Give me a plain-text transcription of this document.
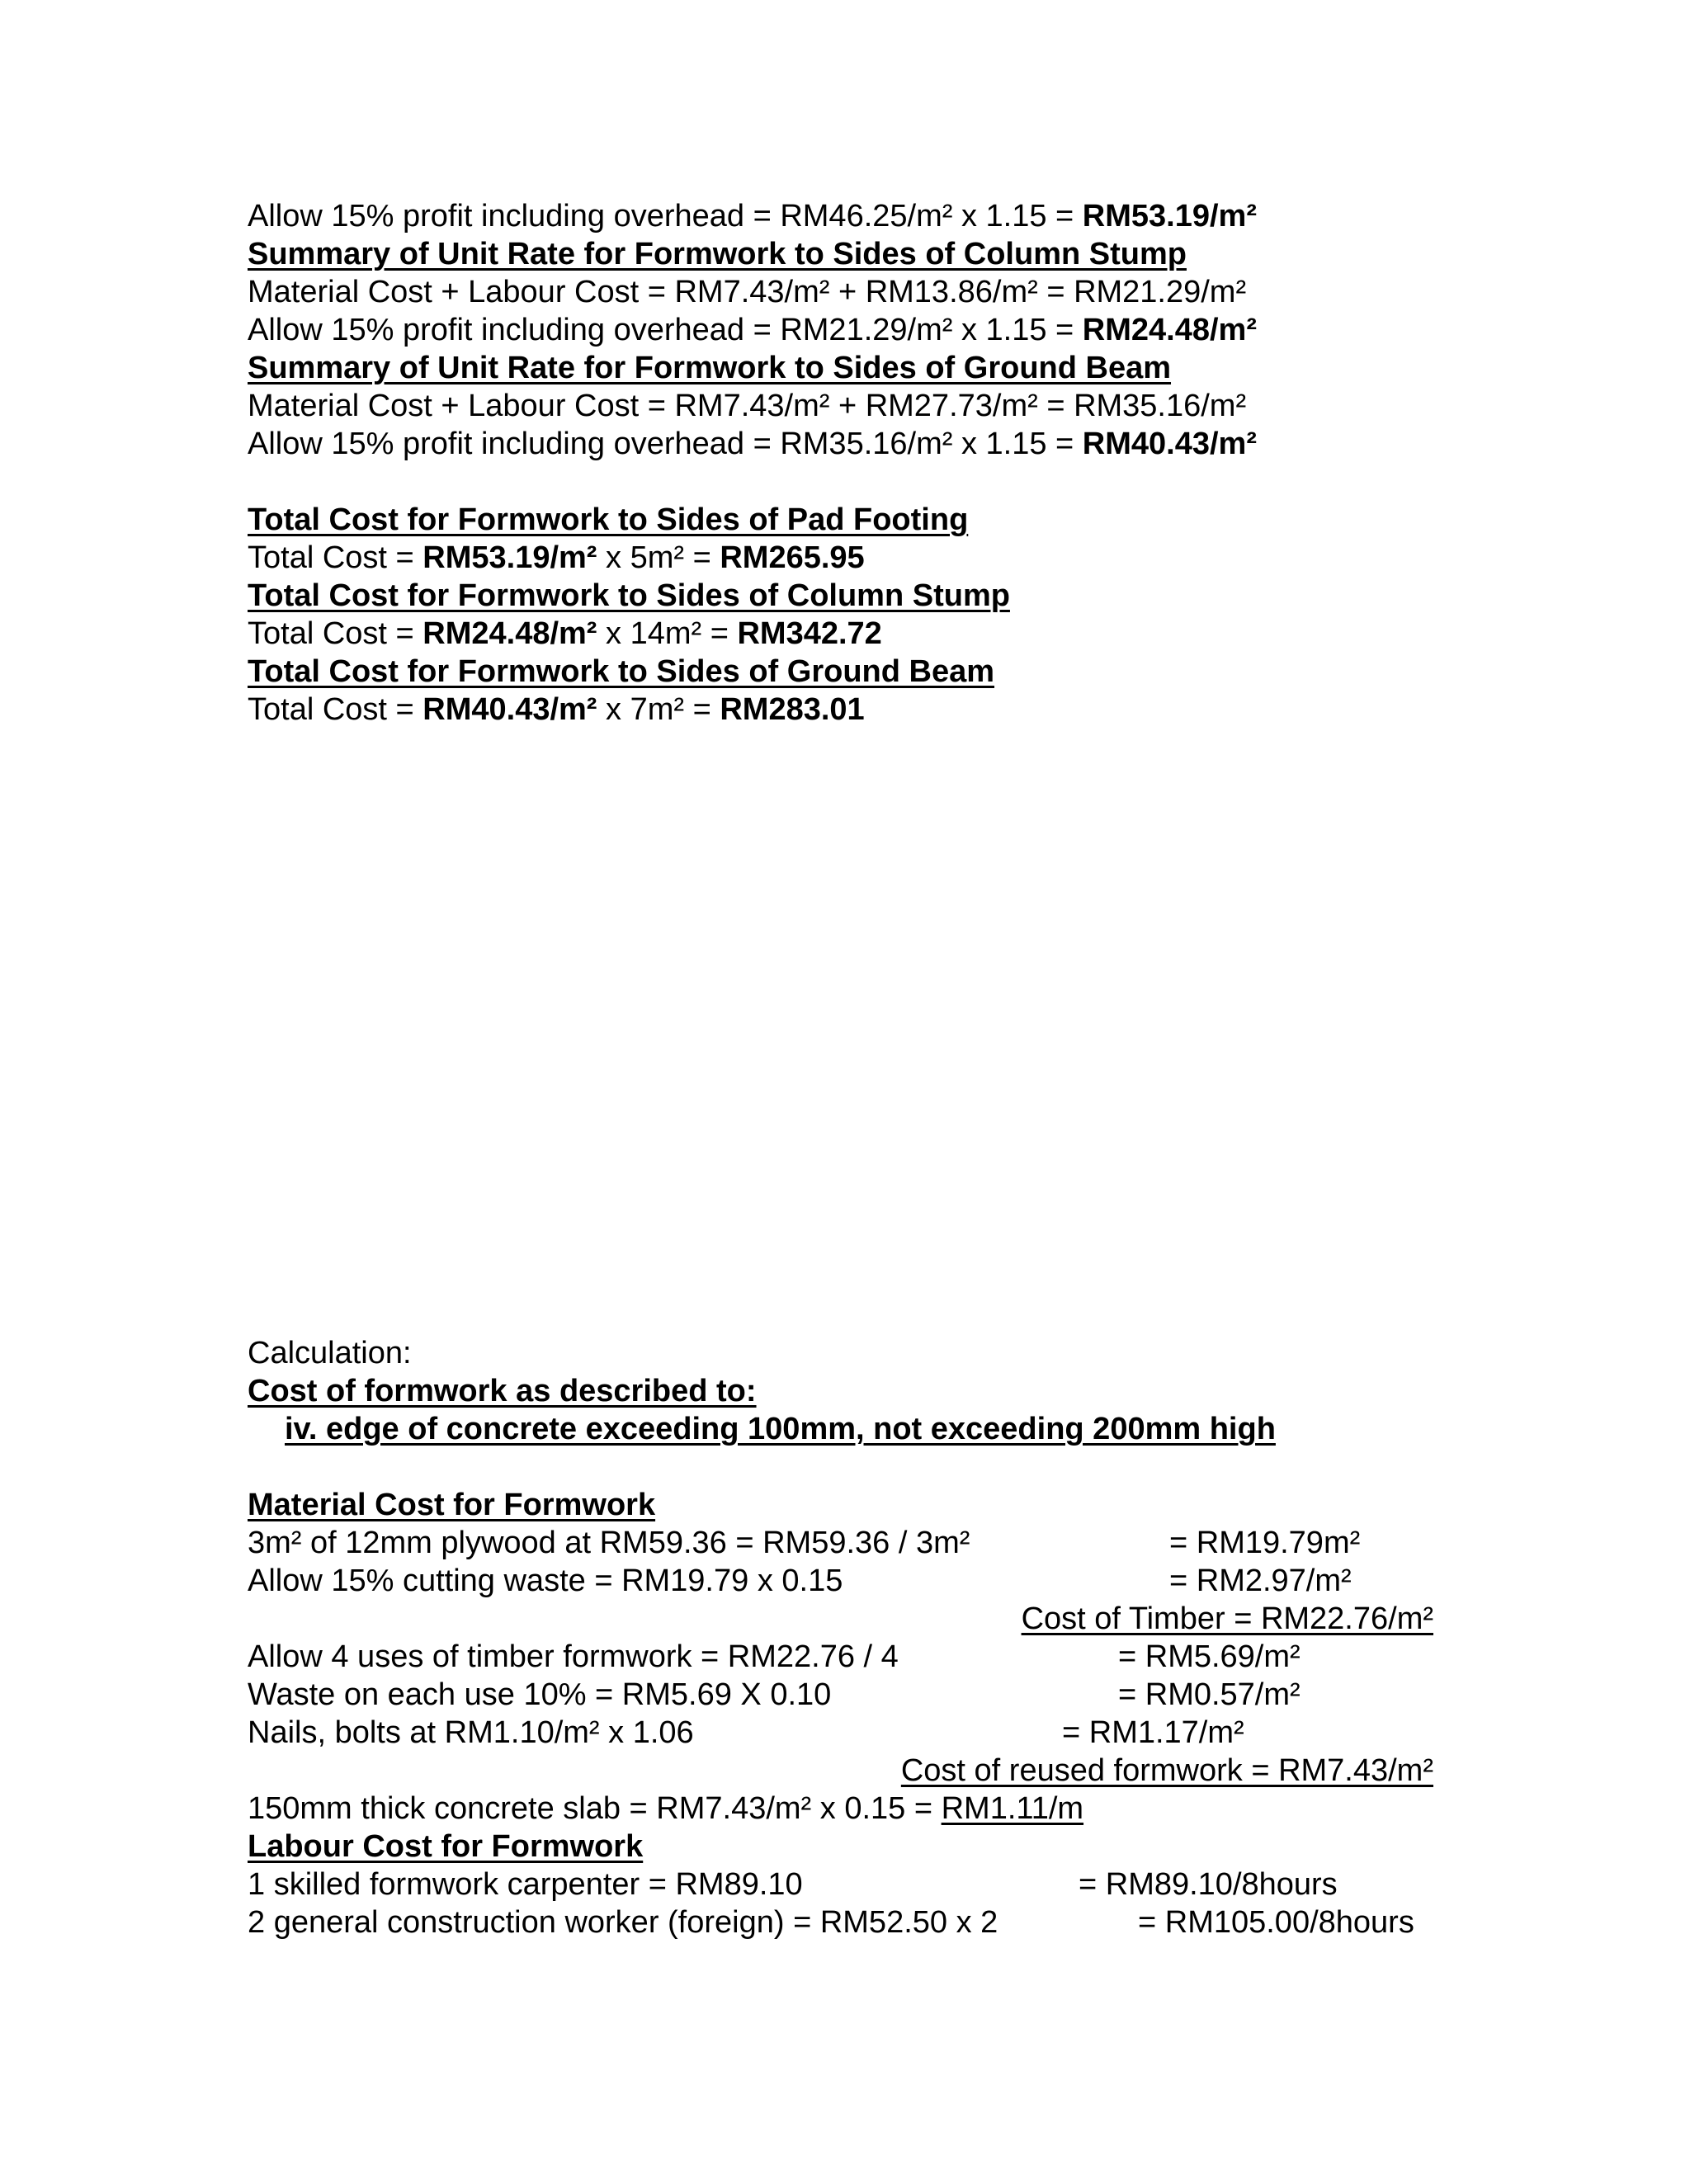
Allow 15% profit including overhead = RM46.25/m² x 1.15 = RM53.19/m²
Summary of Unit Rate for Formwork to Sides of Column Stump
Material Cost + Labour Cost = RM7.43/m² + RM13.86/m² = RM21.29/m²
Allow 15% profit including overhead = RM21.29/m² x 1.15 = RM24.48/m²
Summary of Unit Rate for Formwork to Sides of Ground Beam
Material Cost + Labour Cost = RM7.43/m² + RM27.73/m² = RM35.16/m²
Allow 15% profit including overhead = RM35.16/m² x 1.15 = RM40.43/m²
Total Cost for Formwork to Sides of Pad Footing
Total Cost = RM53.19/m² x 5m² = RM265.95
Total Cost for Formwork to Sides of Column Stump
Total Cost = RM24.48/m² x 14m² = RM342.72
Total Cost for Formwork to Sides of Ground Beam
Total Cost = RM40.43/m² x 7m² = RM283.01
Calculation:
Cost of formwork as described to:
iv. edge of concrete exceeding 100mm, not exceeding 200mm high
Material Cost for Formwork
3m² of 12mm plywood at RM59.36 = RM59.36 / 3m²	= RM19.79m²
Allow 15% cutting waste = RM19.79 x 0.15	= RM2.97/m²
Cost of Timber = RM22.76/m²
Allow 4 uses of timber formwork = RM22.76 / 4	= RM5.69/m²
Waste on each use 10% = RM5.69 X 0.10	= RM0.57/m²
Nails, bolts at RM1.10/m² x 1.06	= RM1.17/m²
Cost of reused formwork = RM7.43/m²
150mm thick concrete slab = RM7.43/m² x 0.15 = RM1.11/m
Labour Cost for Formwork
1 skilled formwork carpenter = RM89.10	= RM89.10/8hours
2 general construction worker (foreign) = RM52.50 x 2	= RM105.00/8hours
